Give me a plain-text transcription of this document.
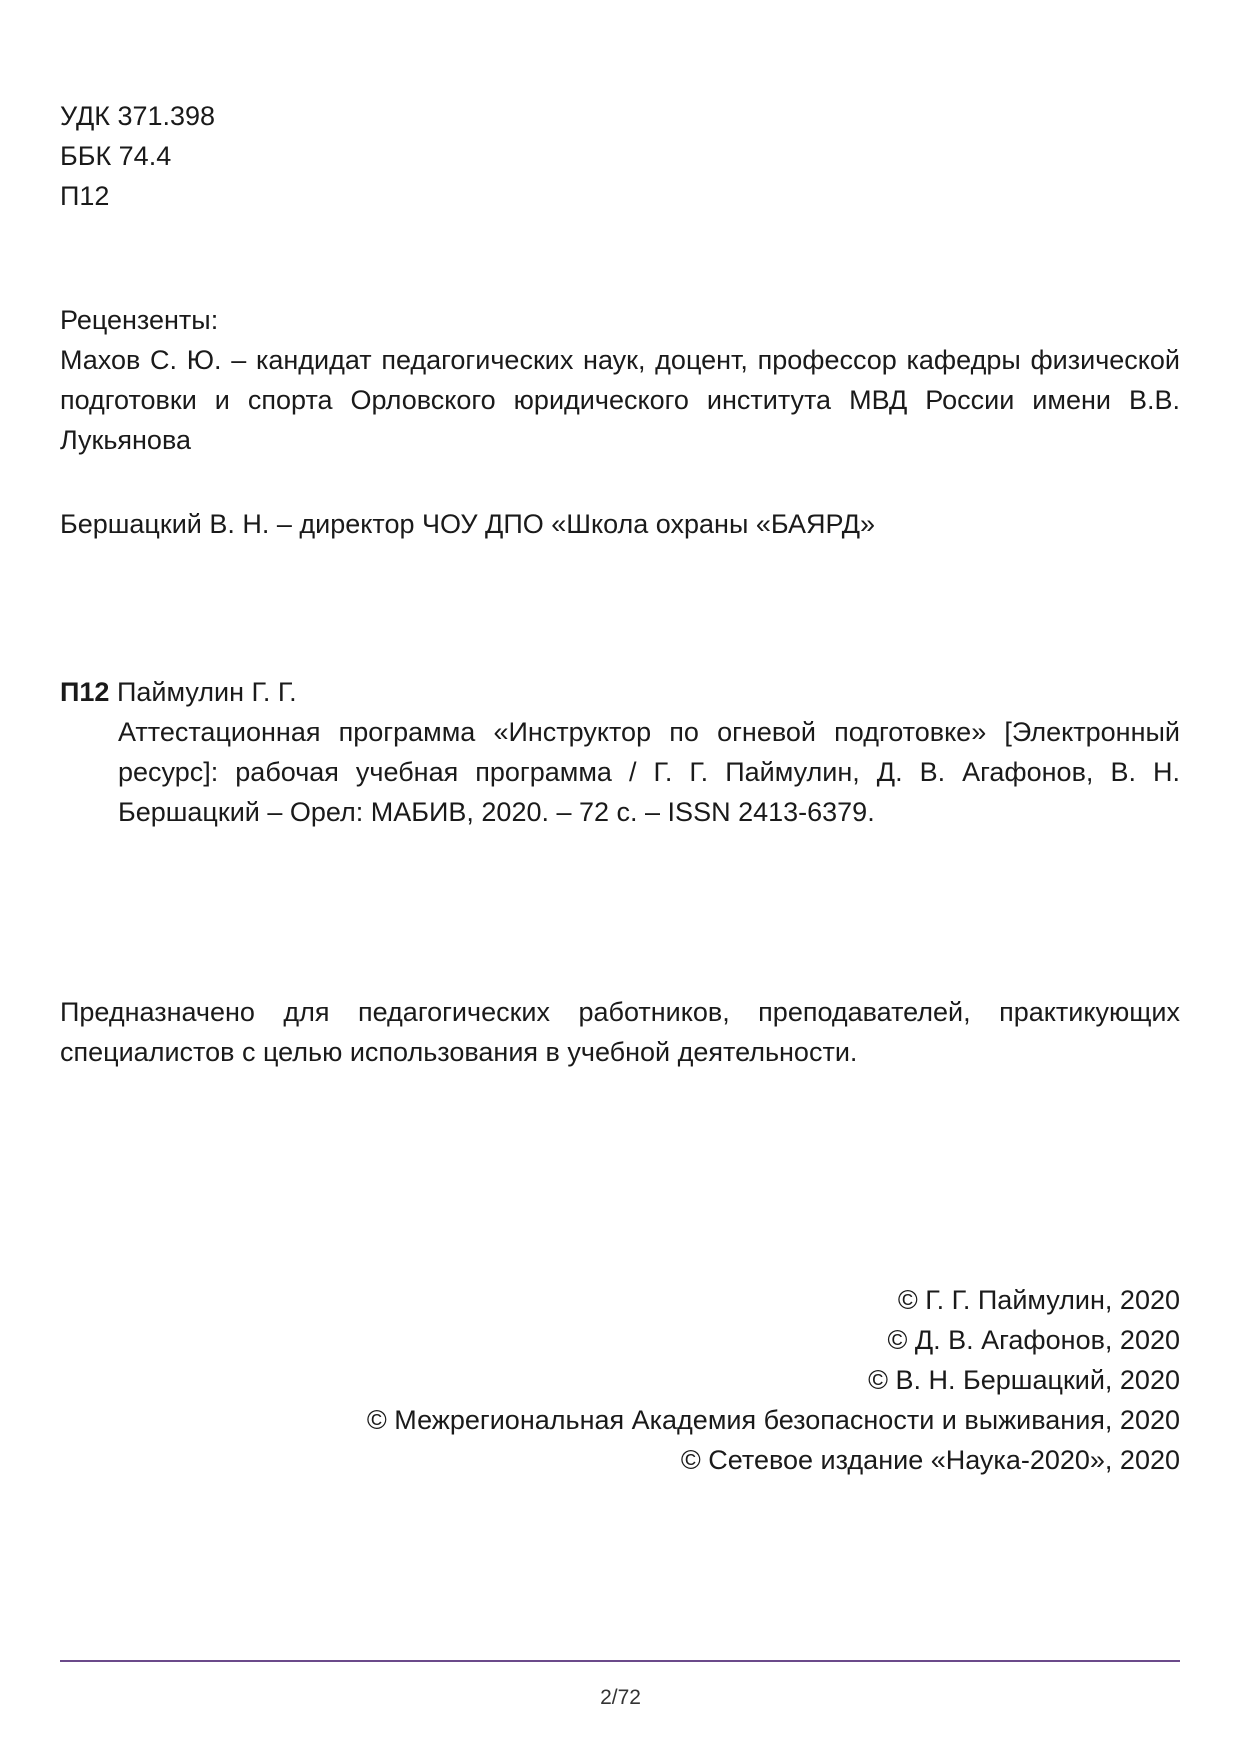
УДК 371.398
ББК 74.4
П12
Рецензенты:
Махов С. Ю. – кандидат педагогических наук, доцент, профессор кафедры физической подготовки и спорта Орловского юридического института МВД России имени В.В. Лукьянова
Бершацкий В. Н. – директор ЧОУ ДПО «Школа охраны «БАЯРД»
П12 Паймулин Г. Г.
Аттестационная программа «Инструктор по огневой подготовке» [Электронный ресурс]: рабочая учебная программа / Г. Г. Паймулин, Д. В. Агафонов, В. Н. Бершацкий – Орел: МАБИВ, 2020. – 72 с. – ISSN 2413-6379.
Предназначено для педагогических работников, преподавателей, практикующих специалистов с целью использования в учебной деятельности.
© Г. Г. Паймулин, 2020
© Д. В. Агафонов, 2020
© В. Н. Бершацкий, 2020
© Межрегиональная Академия безопасности и выживания, 2020
© Сетевое издание «Наука-2020», 2020
2/72
